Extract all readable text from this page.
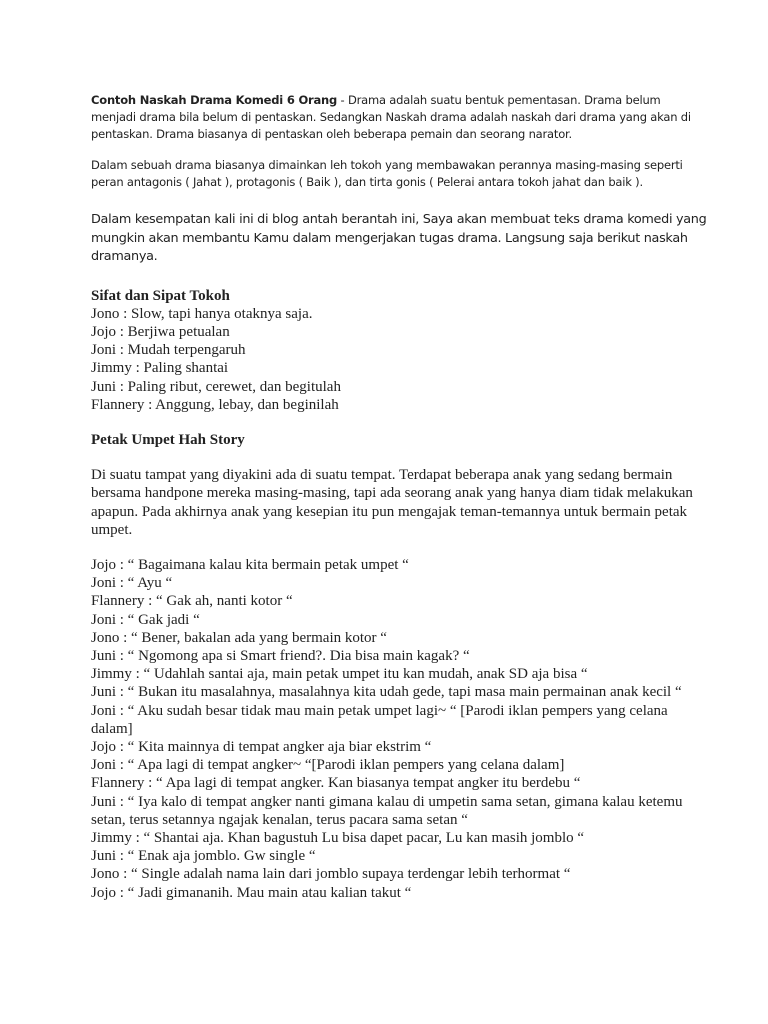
Contoh Naskah Drama Komedi 6 Orang - Drama adalah suatu bentuk pementasan. Drama belum menjadi drama bila belum di pentaskan. Sedangkan Naskah drama adalah naskah dari drama yang akan di pentaskan. Drama biasanya di pentaskan oleh beberapa pemain dan seorang narator.

Dalam sebuah drama biasanya dimainkan leh tokoh yang membawakan perannya masing-masing seperti peran antagonis ( Jahat ), protagonis ( Baik ), dan tirta gonis ( Pelerai antara tokoh jahat dan baik ).

Dalam kesempatan kali ini di blog antah berantah ini, Saya akan membuat teks drama komedi yang mungkin akan membantu Kamu dalam mengerjakan tugas drama. Langsung saja berikut naskah dramanya.

Sifat dan Sipat Tokoh
Jono : Slow, tapi hanya otaknya saja.
Jojo : Berjiwa petualan
Joni : Mudah terpengaruh
Jimmy : Paling shantai
Juni : Paling ribut, cerewet, dan begitulah
Flannery : Anggung, lebay, dan beginilah
Petak Umpet Hah Story

Di suatu tampat yang diyakini ada di suatu tempat. Terdapat beberapa anak yang sedang bermain bersama handpone mereka masing-masing, tapi ada seorang anak yang hanya diam tidak melakukan apapun. Pada akhirnya anak yang kesepian itu pun mengajak teman-temannya untuk bermain petak umpet.

Jojo : “ Bagaimana kalau kita bermain petak umpet “
Joni : “ Ayu “
Flannery : “ Gak ah, nanti kotor “
Joni : “ Gak jadi “
Jono : “ Bener, bakalan ada yang bermain kotor “
Juni : “ Ngomong apa si Smart friend?. Dia bisa main kagak? “
Jimmy : “ Udahlah santai aja, main petak umpet itu kan mudah, anak SD aja bisa “
Juni : “ Bukan itu masalahnya, masalahnya kita udah gede, tapi masa main permainan anak kecil “
Joni : “ Aku sudah besar tidak mau main petak umpet lagi~ “ [Parodi iklan pempers yang celana dalam]
Jojo : “ Kita mainnya di tempat angker aja biar ekstrim “
Joni : “ Apa lagi di tempat angker~ “[Parodi iklan pempers yang celana dalam]
Flannery : “ Apa lagi di tempat angker. Kan biasanya tempat angker itu berdebu “
Juni : “ Iya kalo di tempat angker nanti gimana kalau di umpetin sama setan, gimana kalau ketemu setan, terus setannya ngajak kenalan, terus pacara sama setan “
Jimmy : “ Shantai aja. Khan bagustuh Lu bisa dapet pacar, Lu kan masih jomblo “
Juni : “ Enak aja jomblo. Gw single “
Jono : “ Single adalah nama lain dari jomblo supaya terdengar lebih terhormat “
Jojo : “ Jadi gimananih. Mau main atau kalian takut “
